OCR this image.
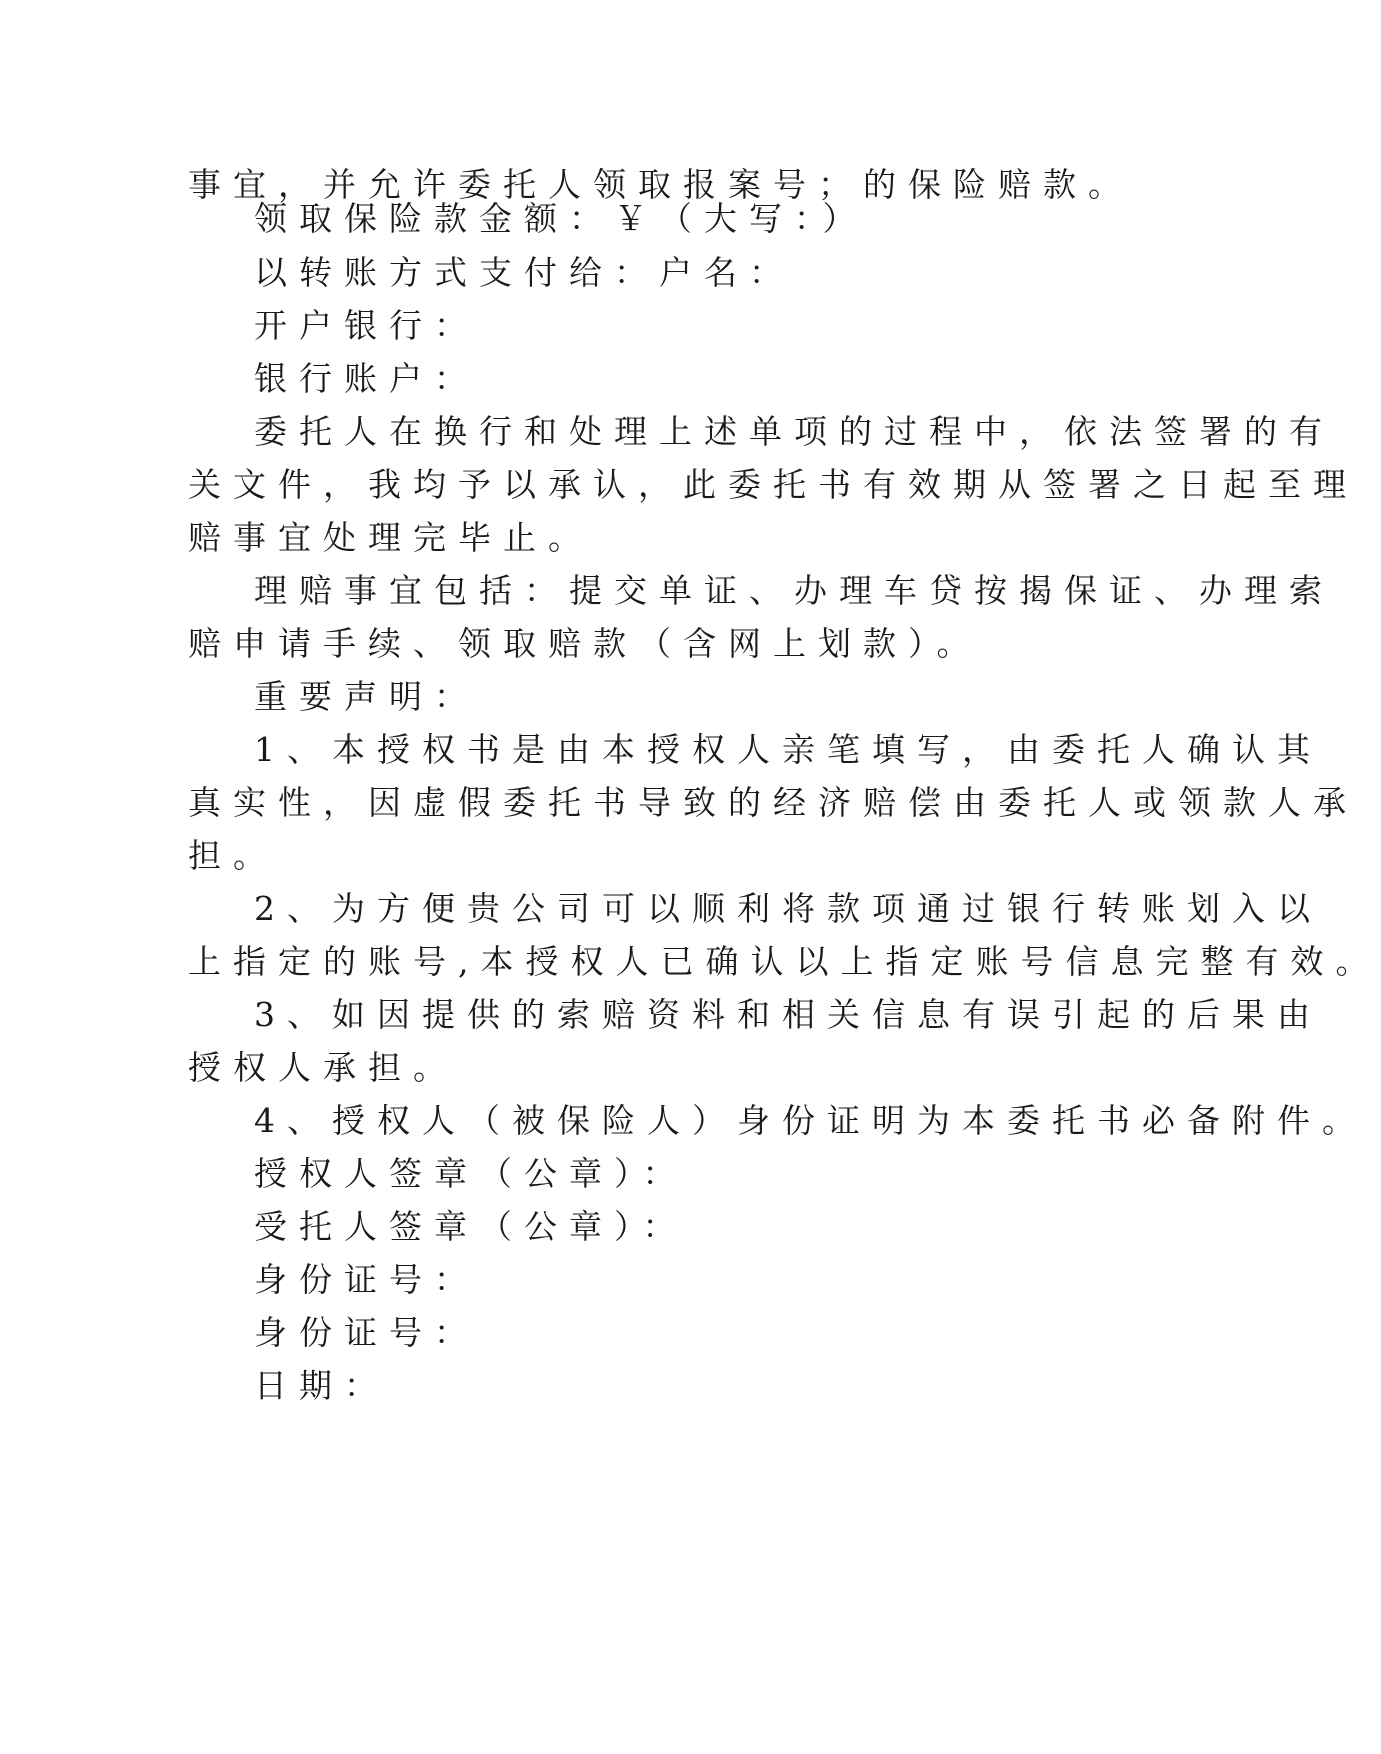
事宜，并允许委托人领取报案号；的保险赔款。
领取保险款金额：￥（大写：）
以转账方式支付给：户名：
开户银行：
银行账户：
委托人在换行和处理上述单项的过程中，依法签署的有
关文件，我均予以承认，此委托书有效期从签署之日起至理
赔事宜处理完毕止。
理赔事宜包括：提交单证、办理车贷按揭保证、办理索
赔申请手续、领取赔款（含网上划款）。
重要声明：
1、本授权书是由本授权人亲笔填写，由委托人确认其
真实性，因虚假委托书导致的经济赔偿由委托人或领款人承
担。
2、为方便贵公司可以顺利将款项通过银行转账划入以
上指定的账号,本授权人已确认以上指定账号信息完整有效。
3、如因提供的索赔资料和相关信息有误引起的后果由
授权人承担。
4、授权人（被保险人）身份证明为本委托书必备附件。
授权人签章（公章）：
受托人签章（公章）：
身份证号：
身份证号：
日期：
